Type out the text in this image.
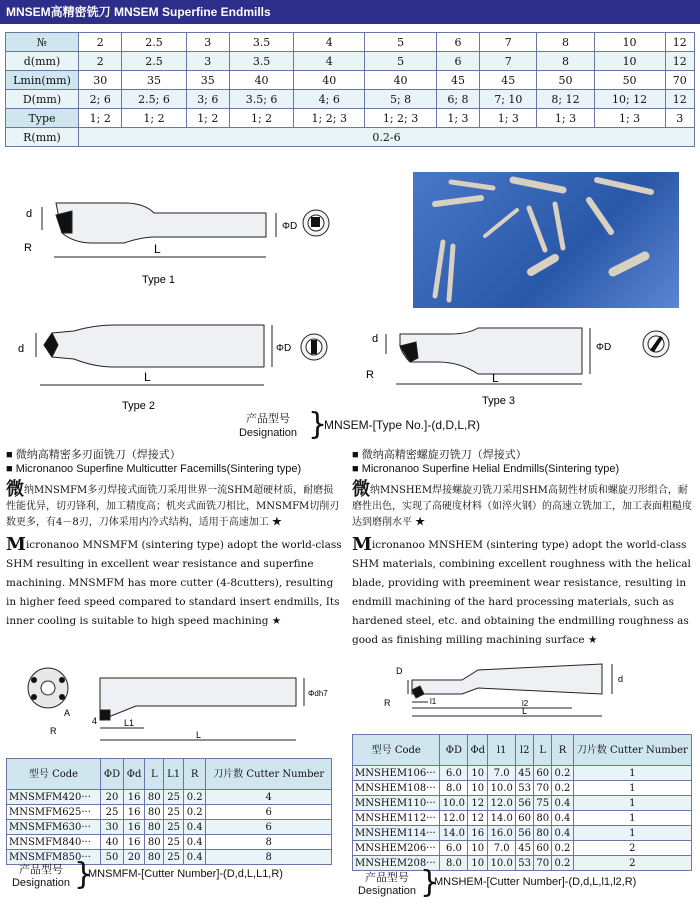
MNSEM高精密铣刀 MNSEM Superfine Endmills
№	2	2.5	3	3.5	4	5	6	7	8	10	12
d(mm)	2	2.5	3	3.5	4	5	6	7	8	10	12
Lmin(mm)	30	35	35	40	40	40	45	45	50	50	70
D(mm)	2; 6	2.5; 6	3; 6	3.5; 6	4; 6	5; 8	6; 8	7; 10	8; 12	10; 12	12
Type	1; 2	1; 2	1; 2	1; 2	1; 2; 3	1; 2; 3	1; 3	1; 3	1; 3	1; 3	3
R(mm)	0.2-6										
d
R	L
ΦD
Type 1
d
L
ΦD
Type 2
d
R	L
ΦD
Type 3
产品型号
Designation }
MNSEM-[Type No.]-(d,D,L,R)
■ 微纳高精密多刃面铣刀（焊接式）
■ Micronanoo Superfine Multicutter Facemills(Sintering type)
微纳MNSMFM多刃焊接式面铣刀采用世界一流SHM超硬材质，耐磨损性能优异，切刃锋利，加工精度高；机夹式面铣刀相比，MNSMFM切削刃数更多，有4－8刃，刀体采用内冷式结构，适用于高速加工 ★
Micronanoo MNSMFM (sintering type) adopt the world-class SHM resulting in excellent wear resistance and superfine machining. MNSMFM has more cutter (4-8cutters), resulting in higher feed speed compared to standard insert endmills, Its inner cooling is suitable to high speed machining ★
R
A
4	L1
L
Φdh7
型号 Code	ΦD	Φd	L	L1	R	刀片数 Cutter Number
MNSMFM420···	20	16	80	25	0.2	4
MNSMFM625···	25	16	80	25	0.2	6
MNSMFM630···	30	16	80	25	0.4	6
MNSMFM840···	40	16	80	25	0.4	8
MNSMFM850···	50	20	80	25	0.4	8
产品型号
Designation }
MNSMFM-[Cutter Number]-(D,d,L,L1,R)
■ 微纳高精密螺旋刃铣刀（焊接式）
■ Micronanoo Superfine Helial Endmills(Sintering type)
微纳MNSHEM焊接螺旋刃铣刀采用SHM高韧性材质和螺旋刃形组合，耐磨性出色，实现了高硬度材料（如淬火钢）的高速立铣加工，加工表面粗糙度达到磨削水平 ★
Micronanoo MNSHEM (sintering type) adopt the world-class SHM materials, combining excellent roughness with the helical blade, providing with preeminent wear resistance, resulting in endmill machining of the hard processing materials, such as hardened steel, etc. and obtaining the endmilling roughness as good as finishing milling machining surface ★
D
d
R	l1	l2
L
型号 Code	ΦD	Φd	l1	l2	L	R	刀片数 Cutter Number
MNSHEM106···	6.0	10	7.0	45	60	0.2	1
MNSHEM108···	8.0	10	10.0	53	70	0.2	1
MNSHEM110···	10.0	12	12.0	56	75	0.4	1
MNSHEM112···	12.0	12	14.0	60	80	0.4	1
MNSHEM114···	14.0	16	16.0	56	80	0.4	1
MNSHEM206···	6.0	10	7.0	45	60	0.2	2
MNSHEM208···	8.0	10	10.0	53	70	0.2	2
产品型号
Designation }
MNSHEM-[Cutter Number]-(D,d,L,l1,l2,R)
